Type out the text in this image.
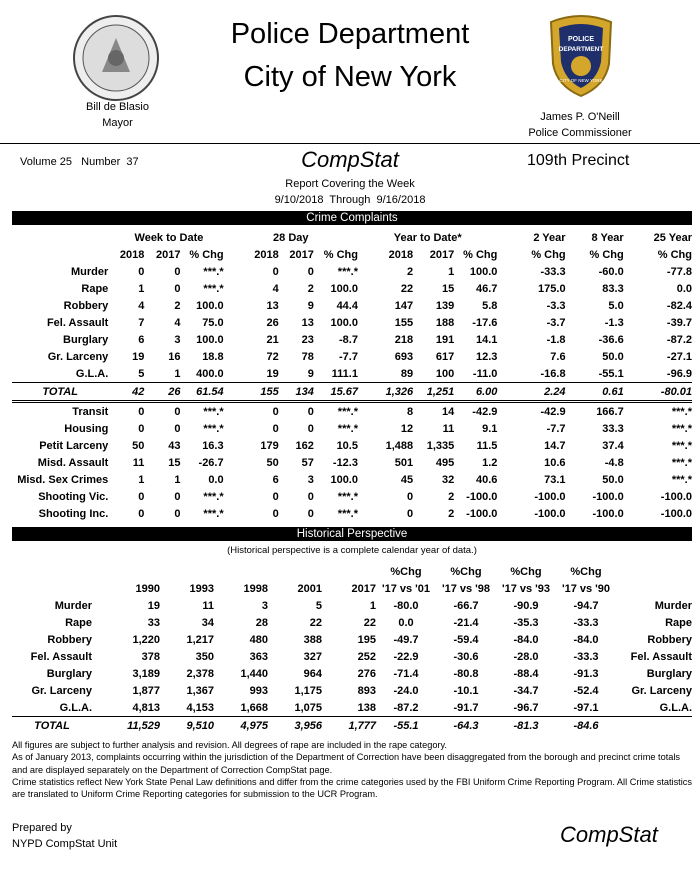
Bill de Blasio
Mayor
Police Department
City of New York
POLICE
DEPARTMENT
CITY OF NEW YORK
James P. O'Neill
Police Commissioner
Volume 25   Number  37	CompStat	109th Precinct
Report Covering the Week
9/10/2018  Through  9/16/2018
Crime Complaints
	Week to Date			28 Day			Year to Date*			2 Year	8 Year	25 Year
	2018	2017	% Chg	2018	2017	% Chg	2018	2017	% Chg	% Chg	% Chg	% Chg
Murder	0	0	***.*	0	0	***.*	2	1	100.0	-33.3	-60.0	-77.8
Rape	1	0	***.*	4	2	100.0	22	15	46.7	175.0	83.3	0.0
Robbery	4	2	100.0	13	9	44.4	147	139	5.8	-3.3	5.0	-82.4
Fel. Assault	7	4	75.0	26	13	100.0	155	188	-17.6	-3.7	-1.3	-39.7
Burglary	6	3	100.0	21	23	-8.7	218	191	14.1	-1.8	-36.6	-87.2
Gr. Larceny	19	16	18.8	72	78	-7.7	693	617	12.3	7.6	50.0	-27.1
G.L.A.	5	1	400.0	19	9	111.1	89	100	-11.0	-16.8	-55.1	-96.9
TOTAL	42	26	61.54	155	134	15.67	1,326	1,251	6.00	2.24	0.61	-80.01
Transit	0	0	***.*	0	0	***.*	8	14	-42.9	-42.9	166.7	***.*
Housing	0	0	***.*	0	0	***.*	12	11	9.1	-7.7	33.3	***.*
Petit Larceny	50	43	16.3	179	162	10.5	1,488	1,335	11.5	14.7	37.4	***.*
Misd. Assault	11	15	-26.7	50	57	-12.3	501	495	1.2	10.6	-4.8	***.*
Misd. Sex Crimes	1	1	0.0	6	3	100.0	45	32	40.6	73.1	50.0	***.*
Shooting Vic.	0	0	***.*	0	0	***.*	0	2	-100.0	-100.0	-100.0	-100.0
Shooting Inc.	0	0	***.*	0	0	***.*	0	2	-100.0	-100.0	-100.0	-100.0
Historical Perspective
(Historical perspective is a complete calendar year of data.)
						%Chg	%Chg	%Chg	%Chg	
	1990	1993	1998	2001	2017	'17 vs '01	'17 vs '98	'17 vs '93	'17 vs '90	
Murder	19	11	3	5	1	-80.0	-66.7	-90.9	-94.7	Murder
Rape	33	34	28	22	22	0.0	-21.4	-35.3	-33.3	Rape
Robbery	1,220	1,217	480	388	195	-49.7	-59.4	-84.0	-84.0	Robbery
Fel. Assault	378	350	363	327	252	-22.9	-30.6	-28.0	-33.3	Fel. Assault
Burglary	3,189	2,378	1,440	964	276	-71.4	-80.8	-88.4	-91.3	Burglary
Gr. Larceny	1,877	1,367	993	1,175	893	-24.0	-10.1	-34.7	-52.4	Gr. Larceny
G.L.A.	4,813	4,153	1,668	1,075	138	-87.2	-91.7	-96.7	-97.1	G.L.A.
TOTAL	11,529	9,510	4,975	3,956	1,777	-55.1	-64.3	-81.3	-84.6	
All figures are subject to further analysis and revision. All degrees of rape are included in the rape category.
As of January 2013, complaints occurring within the jurisdiction of the Department of Correction have been disaggregated from the borough and precinct crime totals and are displayed separately on the Department of Correction CompStat page.
Crime statistics reflect New York State Penal Law definitions and differ from the crime categories used by the FBI Uniform Crime Reporting Program. All Crime statistics are translated to Uniform Crime Reporting categories for submission to the UCR Program.
Prepared by
NYPD CompStat Unit	CompStat
